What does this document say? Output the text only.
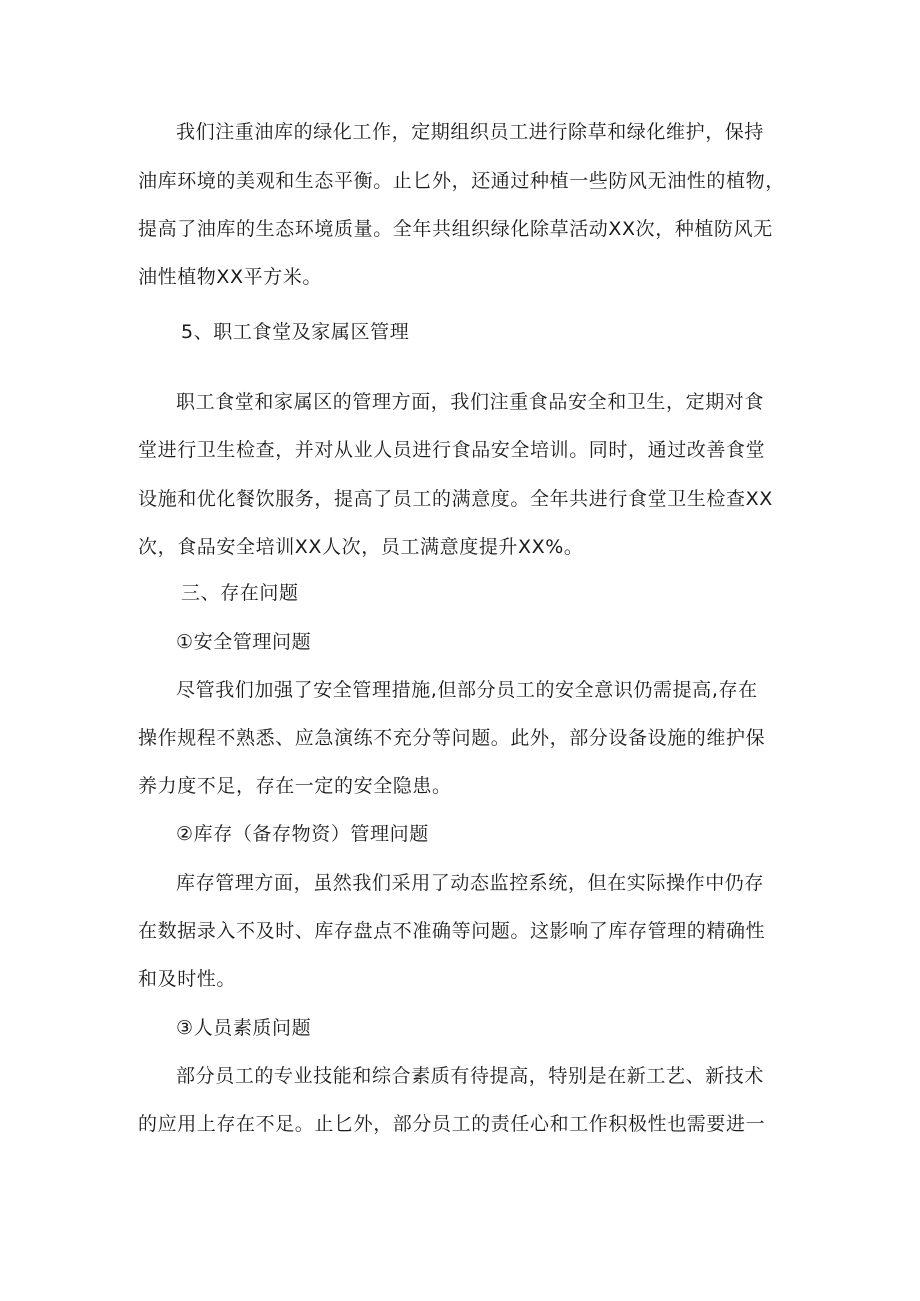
我们注重油库的绿化工作，定期组织员工进行除草和绿化维护，保持
油库环境的美观和生态平衡。止匕外，还通过种植一些防风无油性的植物，
提高了油库的生态环境质量。全年共组织绿化除草活动XX次，种植防风无
油性植物XX平方米。
5、职工食堂及家属区管理
职工食堂和家属区的管理方面，我们注重食品安全和卫生，定期对食
堂进行卫生检查，并对从业人员进行食品安全培训。同时，通过改善食堂
设施和优化餐饮服务，提高了员工的满意度。全年共进行食堂卫生检查XX
次，食品安全培训XX人次，员工满意度提升XX%。
三、存在问题
①安全管理问题
尽管我们加强了安全管理措施,但部分员工的安全意识仍需提高,存在
操作规程不熟悉、应急演练不充分等问题。此外，部分设备设施的维护保
养力度不足，存在一定的安全隐患。
②库存（备存物资）管理问题
库存管理方面，虽然我们采用了动态监控系统，但在实际操作中仍存
在数据录入不及时、库存盘点不准确等问题。这影响了库存管理的精确性
和及时性。
③人员素质问题
部分员工的专业技能和综合素质有待提高，特别是在新工艺、新技术
的应用上存在不足。止匕外，部分员工的责任心和工作积极性也需要进一
